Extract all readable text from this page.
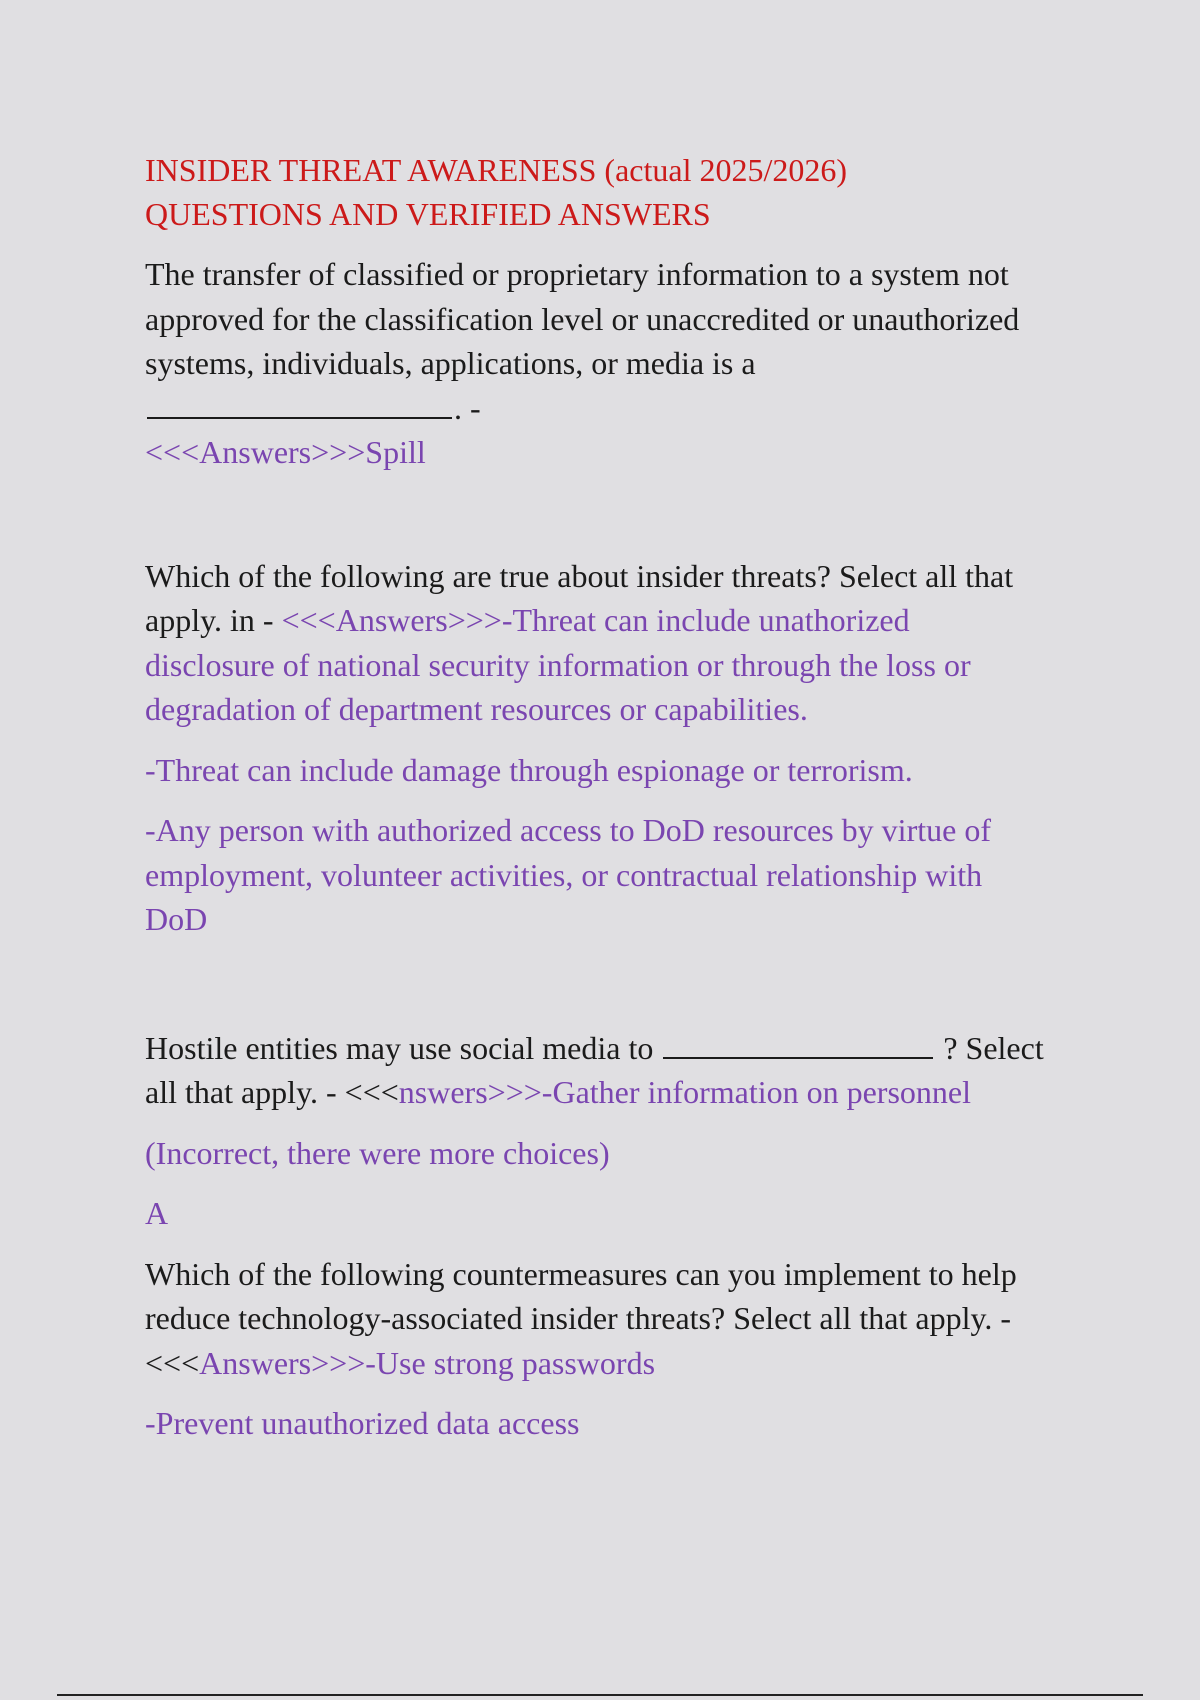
INSIDER THREAT AWARENESS (actual 2025/2026)
QUESTIONS AND VERIFIED ANSWERS

The transfer of classified or proprietary information to a system not approved for the classification level or unaccredited or unauthorized systems, individuals, applications, or media is a . -
<<<Answers>>>Spill

Which of the following are true about insider threats? Select all that apply. in - <<<Answers>>>-Threat can include unathorized disclosure of national security information or through the loss or degradation of department resources or capabilities.

-Threat can include damage through espionage or terrorism.

-Any person with authorized access to DoD resources by virtue of employment, volunteer activities, or contractual relationship with DoD

Hostile entities may use social media to	? Select all that apply. - <<<nswers>>>-Gather information on personnel

(Incorrect, there were more choices)

A

Which of the following countermeasures can you implement to help reduce technology-associated insider threats? Select all that apply. - <<<Answers>>>-Use strong passwords

-Prevent unauthorized data access
